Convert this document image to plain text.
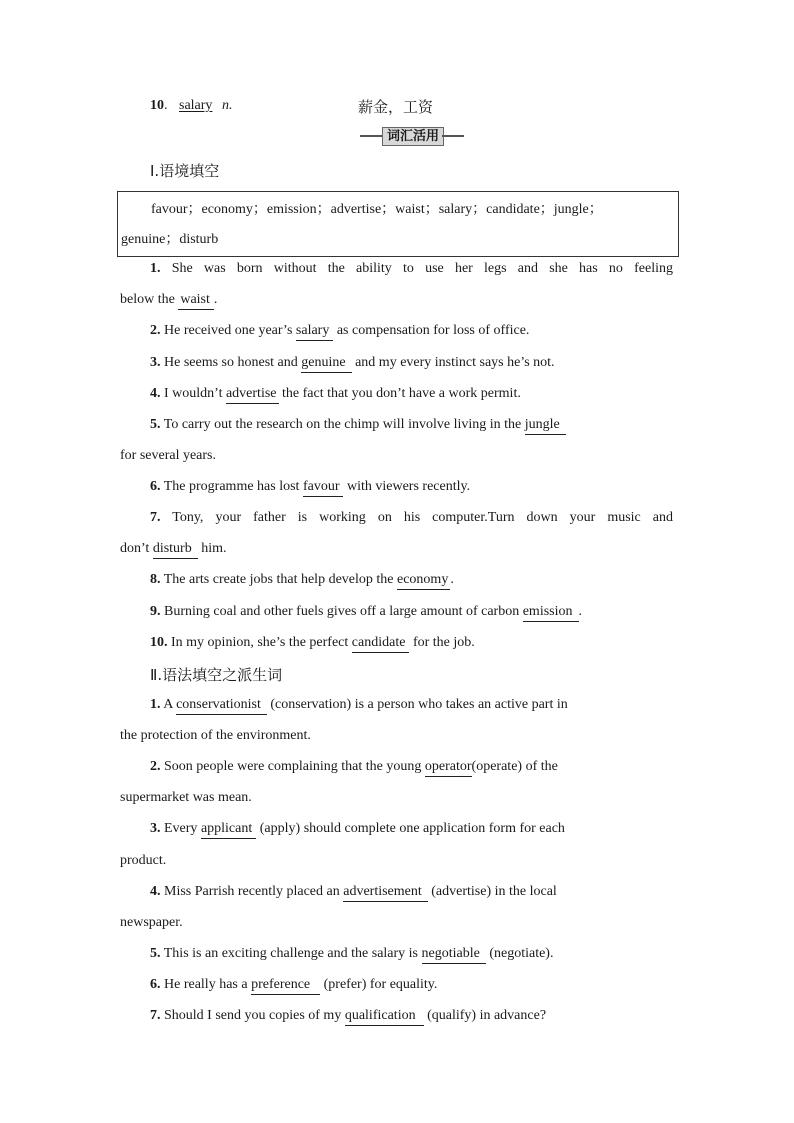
10. salary n.	薪金，工资
词汇活用
Ⅰ.语境填空
favour；economy；emission；advertise；waist；salary；candidate；jungle；
genuine；disturb
1. She was born without the ability to use her legs and she has no feeling
below the waist .
2. He received one year’s salary as compensation for loss of office.
3. He seems so honest and genuine and my every instinct says he’s not.
4. I wouldn’t advertise the fact that you don’t have a work permit.
5. To carry out the research on the chimp will involve living in the jungle
for several years.
6. The programme has lost favour with viewers recently.
7. Tony, your father is working on his computer.Turn down your music and
don’t disturb him.
8. The arts create jobs that help develop the economy .
9. Burning coal and other fuels gives off a large amount of carbon emission .
10. In my opinion, she’s the perfect candidate for the job.
Ⅱ.语法填空之派生词
1. A conservationist (conservation) is a person who takes an active part in
the protection of the environment.
2. Soon people were complaining that the young operator(operate) of the
supermarket was mean.
3. Every applicant (apply) should complete one application form for each
product.
4. Miss Parrish recently placed an advertisement (advertise) in the local
newspaper.
5. This is an exciting challenge and the salary is negotiable (negotiate).
6. He really has a preference (prefer) for equality.
7. Should I send you copies of my qualification (qualify) in advance?
